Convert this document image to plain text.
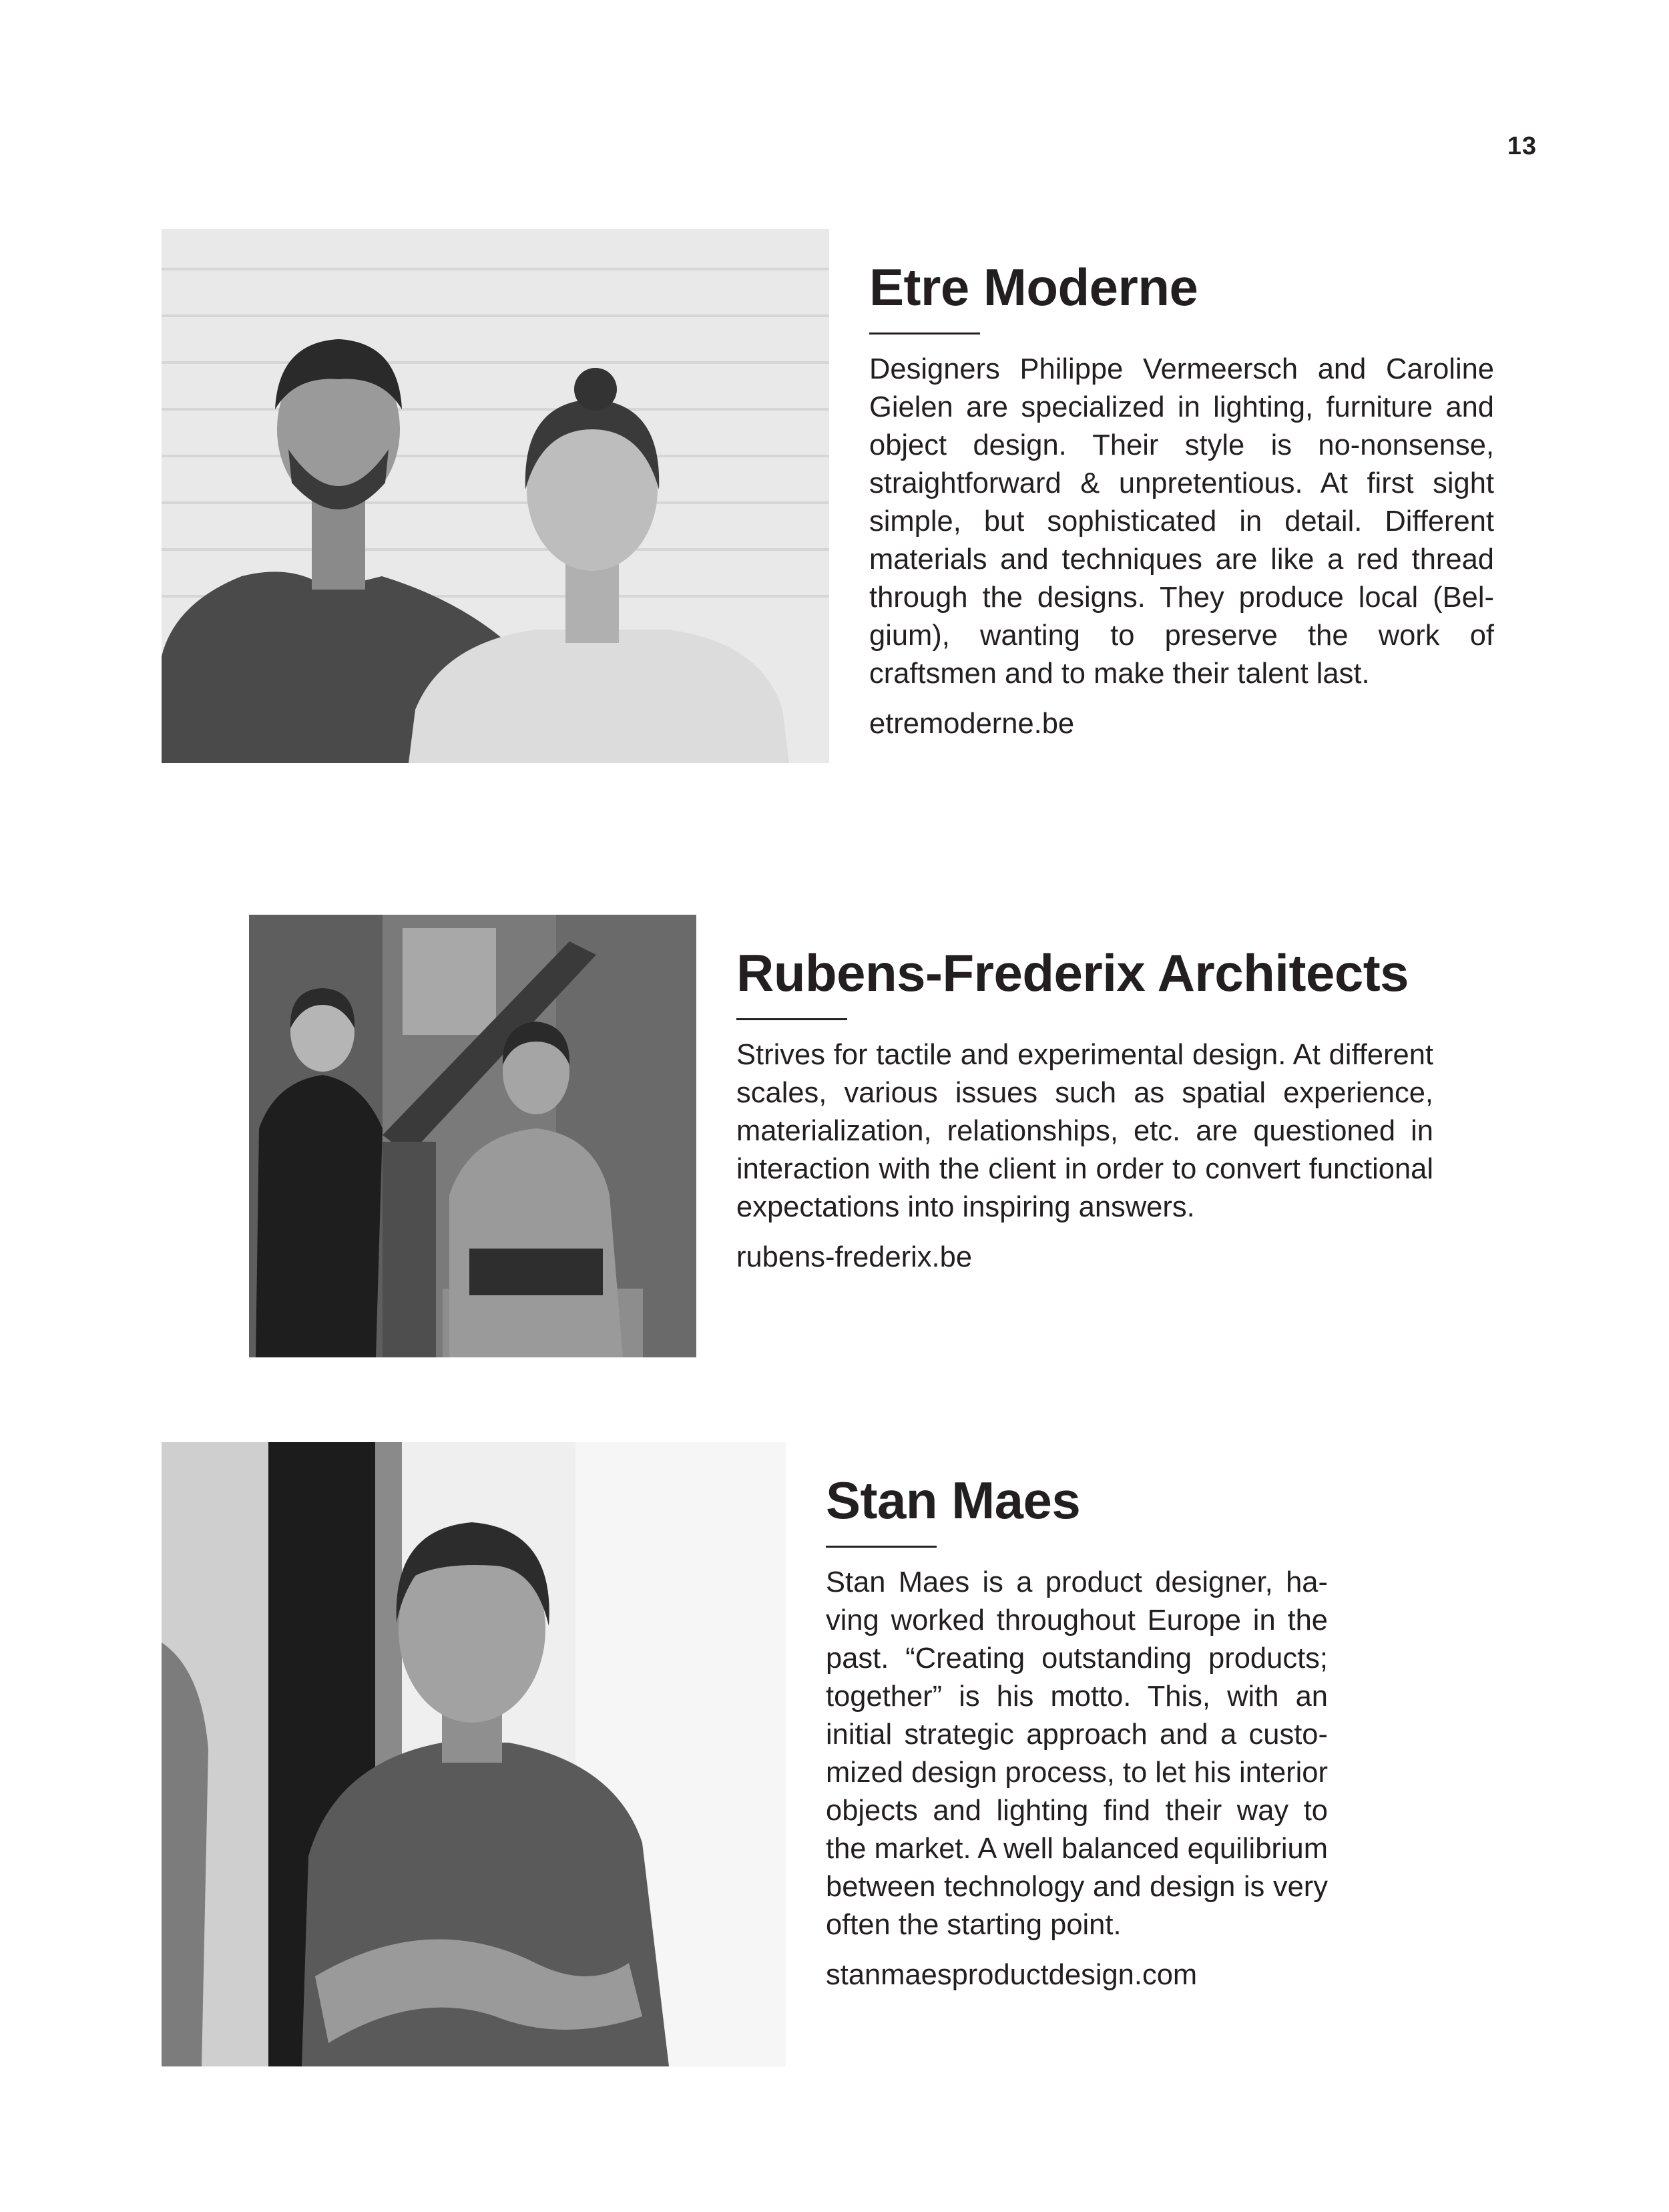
13
Etre Moderne

Designers Philippe Vermeersch and Caroline Gielen are specialized in lighting, furniture and object design. Their style is no-nonsense, straightforward & unpretentious. At first sight simple, but sophisticated in detail. Different materials and techniques are like a red thread through the designs. They produce local (Belgium), wanting to preserve the work of craftsmen and to make their talent last.

etremoderne.be
Rubens-Frederix Architects

Strives for tactile and experimental design. At different scales, various issues such as spatial experience, materialization, relationships, etc. are questioned in interaction with the client in order to convert functional expectations into inspiring answers.

rubens-frederix.be
Stan Maes

Stan Maes is a product designer, having worked throughout Europe in the past. “Creating outstanding products; together” is his motto. This, with an initial strategic approach and a customized design process, to let his interior objects and lighting find their way to the market. A well balanced equilibrium between technology and design is very often the starting point.

stanmaesproductdesign.com
